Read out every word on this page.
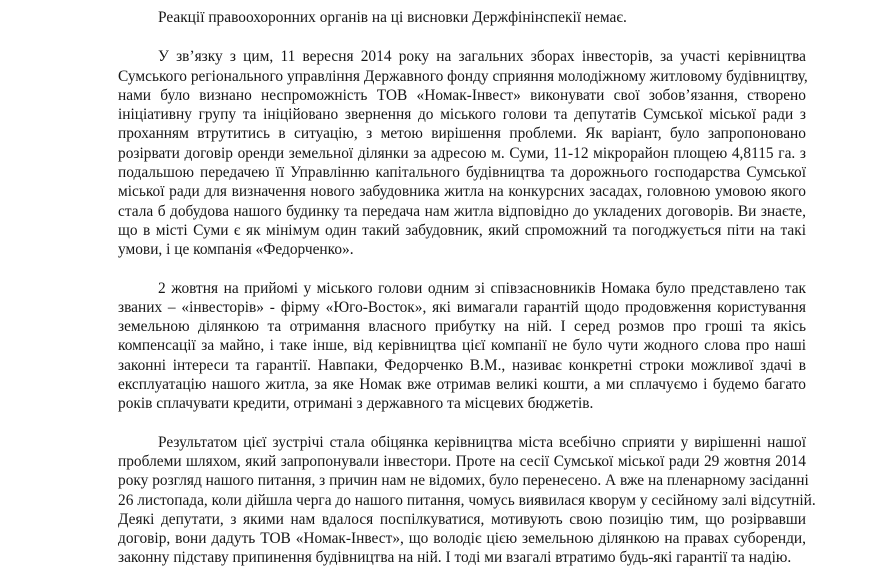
Реакції правоохоронних органів на ці висновки Держфінінспекії немає.
У зв’язку з цим, 11 вересня 2014 року на загальних зборах інвесторів, за участі керівництва
Сумського регіонального управління Державного фонду сприяння молодіжному житловому будівництву,
нами було визнано неспроможність ТОВ «Номак-Інвест» виконувати свої зобов’язання, створено
ініціативну групу та ініційовано звернення до міського голови та депутатів Сумської міської ради з
проханням втрутитись в ситуацію, з метою вирішення проблеми. Як варіант, було запропоновано
розірвати договір оренди земельної ділянки за адресою м. Суми, 11-12 мікрорайон площею 4,8115 га. з
подальшою передачею її Управлінню капітального будівництва та дорожнього господарства Сумської
міської ради для визначення нового забудовника житла на конкурсних засадах, головною умовою якого
стала б добудова нашого будинку та передача нам житла відповідно до укладених договорів. Ви знаєте,
що в місті Суми є як мінімум один такий забудовник, який спроможний та погоджується піти на такі
умови, і це компанія «Федорченко».
2 жовтня на прийомі у міського голови одним зі співзасновників Номака було представлено так
званих – «інвесторів» - фірму «Юго-Восток», які вимагали гарантій щодо продовження користування
земельною ділянкою та отримання власного прибутку на ній. І серед розмов про гроші та якісь
компенсації за майно, і таке інше, від керівництва цієї компанії не було чути жодного слова про наші
законні інтереси та гарантії. Навпаки, Федорченко В.М., називає конкретні строки можливої здачі в
експлуатацію нашого житла, за яке Номак вже отримав великі кошти, а ми сплачуємо і будемо багато
років сплачувати кредити, отримані з державного та місцевих бюджетів.
Результатом цієї зустрічі стала обіцянка керівництва міста всебічно сприяти у вирішенні нашої
проблеми шляхом, який запропонували інвестори. Проте на сесії Сумської міської ради 29 жовтня 2014
року розгляд нашого питання, з причин нам не відомих, було перенесено. А вже на пленарному засіданні
26 листопада, коли дійшла черга до нашого питання, чомусь виявилася кворум у сесійному залі відсутній.
Деякі депутати, з якими нам вдалося поспілкуватися, мотивують свою позицію тим, що розірвавши
договір, вони дадуть ТОВ «Номак-Інвест», що володіє цією земельною ділянкою на правах суборенди,
законну підставу припинення будівництва на ній. І тоді ми взагалі втратимо будь-які гарантії та надію.
